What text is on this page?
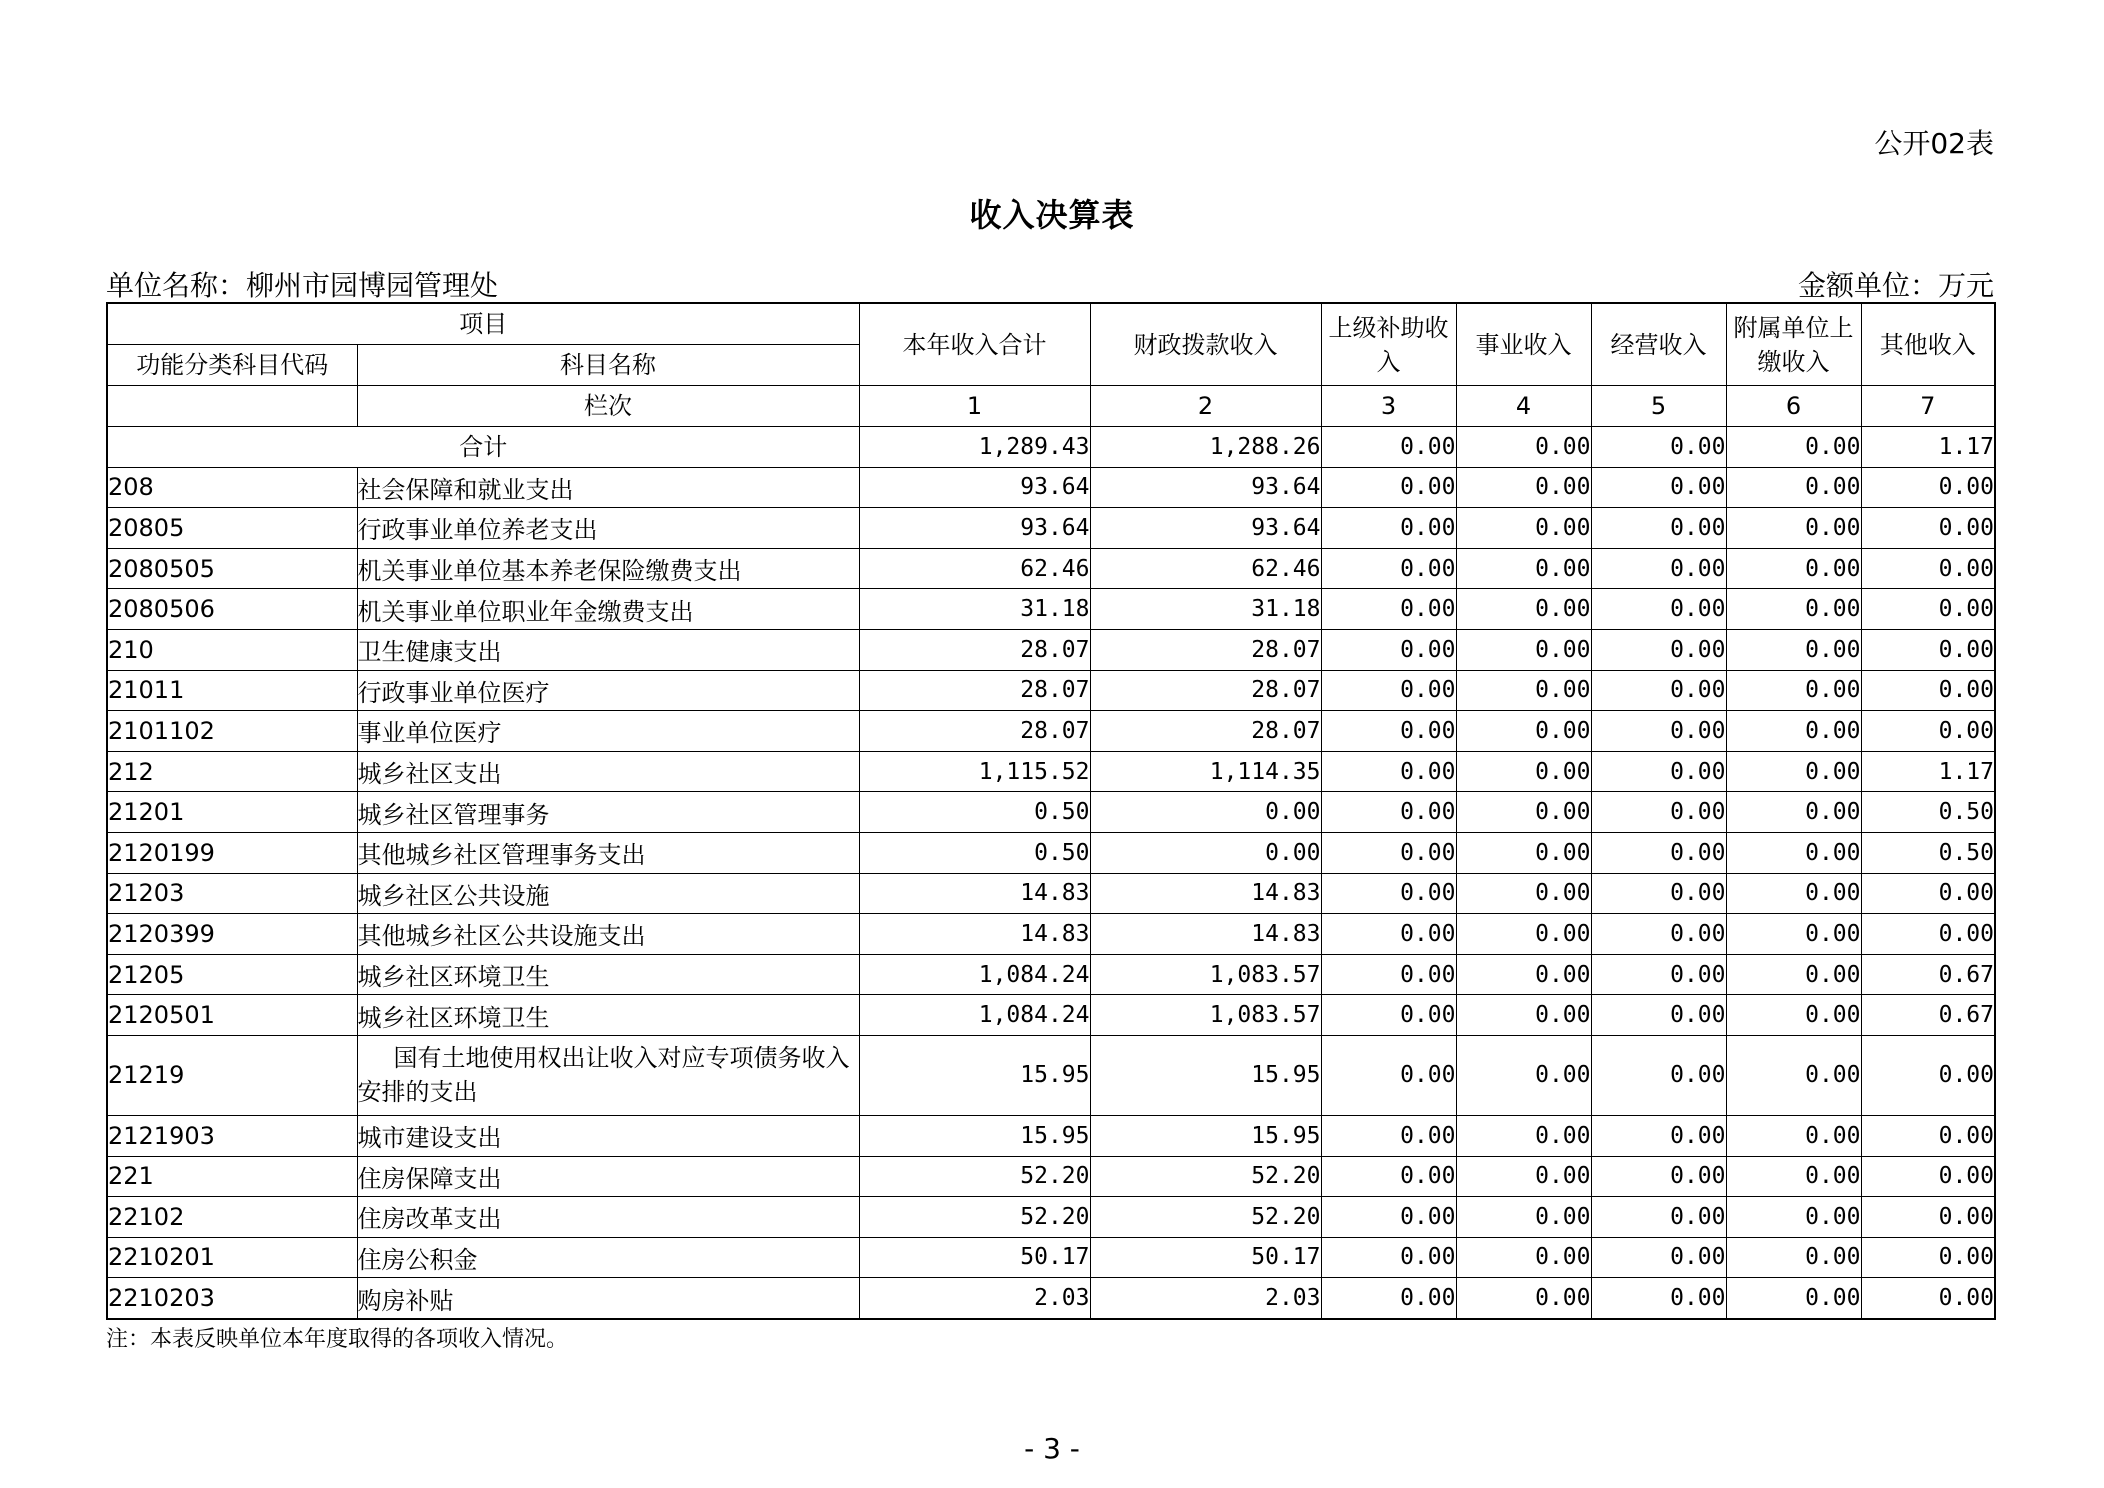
公开02表
收入决算表
单位名称：柳州市园博园管理处	金额单位：万元
项目		本年收入合计	财政拨款收入	上级补助收入	事业收入	经营收入	附属单位上缴收入	其他收入
功能分类科目代码	科目名称							
	栏次	1	2	3	4	5	6	7
合计		1,289.43	1,288.26	0.00	0.00	0.00	0.00	1.17
208	社会保障和就业支出	93.64	93.64	0.00	0.00	0.00	0.00	0.00
20805	行政事业单位养老支出	93.64	93.64	0.00	0.00	0.00	0.00	0.00
2080505	机关事业单位基本养老保险缴费支出	62.46	62.46	0.00	0.00	0.00	0.00	0.00
2080506	机关事业单位职业年金缴费支出	31.18	31.18	0.00	0.00	0.00	0.00	0.00
210	卫生健康支出	28.07	28.07	0.00	0.00	0.00	0.00	0.00
21011	行政事业单位医疗	28.07	28.07	0.00	0.00	0.00	0.00	0.00
2101102	事业单位医疗	28.07	28.07	0.00	0.00	0.00	0.00	0.00
212	城乡社区支出	1,115.52	1,114.35	0.00	0.00	0.00	0.00	1.17
21201	城乡社区管理事务	0.50	0.00	0.00	0.00	0.00	0.00	0.50
2120199	其他城乡社区管理事务支出	0.50	0.00	0.00	0.00	0.00	0.00	0.50
21203	城乡社区公共设施	14.83	14.83	0.00	0.00	0.00	0.00	0.00
2120399	其他城乡社区公共设施支出	14.83	14.83	0.00	0.00	0.00	0.00	0.00
21205	城乡社区环境卫生	1,084.24	1,083.57	0.00	0.00	0.00	0.00	0.67
2120501	城乡社区环境卫生	1,084.24	1,083.57	0.00	0.00	0.00	0.00	0.67
21219	国有土地使用权出让收入对应专项债务收入安排的支出	15.95	15.95	0.00	0.00	0.00	0.00	0.00
2121903	城市建设支出	15.95	15.95	0.00	0.00	0.00	0.00	0.00
221	住房保障支出	52.20	52.20	0.00	0.00	0.00	0.00	0.00
22102	住房改革支出	52.20	52.20	0.00	0.00	0.00	0.00	0.00
2210201	住房公积金	50.17	50.17	0.00	0.00	0.00	0.00	0.00
2210203	购房补贴	2.03	2.03	0.00	0.00	0.00	0.00	0.00
注：本表反映单位本年度取得的各项收入情况。
- 3 -
